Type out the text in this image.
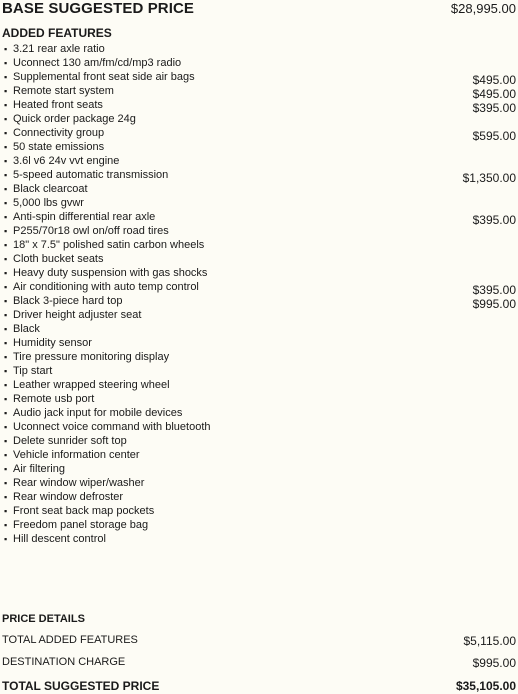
BASE SUGGESTED PRICE	$28,995.00
ADDED FEATURES
▪ 3.21 rear axle ratio
▪ Uconnect 130 am/fm/cd/mp3 radio
▪ Supplemental front seat side air bags	$495.00
▪ Remote start system	$495.00
▪ Heated front seats	$395.00
▪ Quick order package 24g
▪ Connectivity group	$595.00
▪ 50 state emissions
▪ 3.6l v6 24v vvt engine
▪ 5-speed automatic transmission	$1,350.00
▪ Black clearcoat
▪ 5,000 lbs gvwr
▪ Anti-spin differential rear axle	$395.00
▪ P255/70r18 owl on/off road tires
▪ 18" x 7.5" polished satin carbon wheels
▪ Cloth bucket seats
▪ Heavy duty suspension with gas shocks
▪ Air conditioning with auto temp control	$395.00
▪ Black 3-piece hard top	$995.00
▪ Driver height adjuster seat
▪ Black
▪ Humidity sensor
▪ Tire pressure monitoring display
▪ Tip start
▪ Leather wrapped steering wheel
▪ Remote usb port
▪ Audio jack input for mobile devices
▪ Uconnect voice command with bluetooth
▪ Delete sunrider soft top
▪ Vehicle information center
▪ Air filtering
▪ Rear window wiper/washer
▪ Rear window defroster
▪ Front seat back map pockets
▪ Freedom panel storage bag
▪ Hill descent control
PRICE DETAILS
TOTAL ADDED FEATURES	$5,115.00
DESTINATION CHARGE	$995.00
TOTAL SUGGESTED PRICE	$35,105.00
